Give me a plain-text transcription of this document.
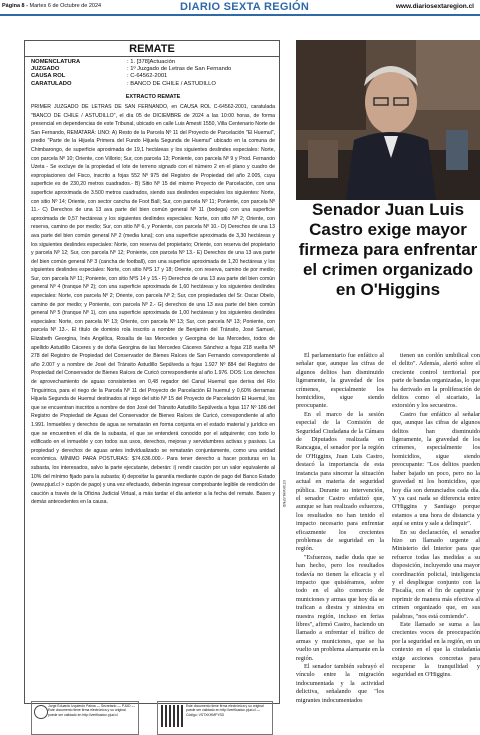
Página 8 - Martes 6 de Octubre de 2024	DIARIO SEXTA REGIÓN	www.diariosextaregion.cl
REMATE
NOMENCLATURA	: 1. [378]Actuación
JUZGADO	: 1º Juzgado de Letras de San Fernando
CAUSA ROL	: C-64562-2001
CARATULADO	: BANCO DE CHILE / ASTUDILLO
EXTRACTO REMATE
PRIMER JUZGADO DE LETRAS DE SAN FERNANDO, en CAUSA ROL C-64562-2001, caratulada "BANCO DE CHILE / ASTUDILLO", el día 05 de DICIEMBRE de 2024 a las 10:00 horas, de forma presencial en dependencias de este Tribunal, ubicado en calle Luis Amesti 1550, Villa Centenario Norte de San Fernando, REMATARÁ: UNO: A) Resto de la Parcela Nº 11 del Proyecto de Parcelación "El Huemul", predio "Parte de la Hijuela Primera del Fundo Hijuela Segunda de Huemul" ubicado en la comuna de Chimbarongo, de superficie aproximada de 19,1 hectáreas y los siguientes deslindes especiales: Norte, con parcela Nº 10; Oriente, con Villorio; Sur, con parcela 13; Poniente, con parcela Nº 9 y Prod. Fernando Uzeta - Se excluye de la propiedad el lote de terreno signado con el número 2 en el plano y cuadro de expropiaciones del Fisco, inscrito a fojas 552 Nº 975 del Registro de Propiedad del año 2.005, cuya superficie es de 230,20 metros cuadrados.- B) Sitio Nº 15 del mismo Proyecto de Parcelación, con una superficie aproximada de 3.500 metros cuadrados, siendo sus deslindes especiales los siguientes: Norte, con sitio Nº 14; Oriente, con sector cancha de Foot Ball; Sur, con parcela Nº 11; Poniente, con parcela Nº 11.- C) Derechos de una 13 ava parte del bien común general Nº 11 (bodega) con una superficie aproximada de 0,57 hectáreas y los siguientes deslindes especiales: Norte, con sitio Nº 2; Oriente, con reserva, camino de por medio; Sur, con sitio Nº 6, y Poniente, con parcela Nº 10.- D) Derechos de una 13 ava parte del bien común general Nº 2 (media luna); con una superficie aproximada de 3,30 hectáreas y los siguientes deslindes especiales: Norte, con reserva del propietario; Oriente, con reserva del propietario y parcela Nº 12; Sur, con parcela Nº 12; Poniente, con parcela Nº 13.- E) Derechos de una 13 ava parte del bien común general Nº 3 (cancha de football), con una superficie aproximada de 1,20 hectáreas y los siguientes deslindes especiales: Norte, con sitio NºS 17 y 18; Oriente, con reserva, camino de por medio; Sur, con parcela Nº 11; Poniente, con sitio NºS 14 y 15.- F) Derechos de una 13 ava parte del bien común general Nº 4 (tranque Nº 2); con una superficie aproximada de 1,60 hectáreas y los siguientes deslindes especiales: Norte, con parcela Nº 2; Oriente, con parcela Nº 2; Sur, con propiedades del Sr. Oscar Obelo, camino de por medio; y Poniente, con parcela Nº 2.- G) derechos de una 13 ava parte del bien común general Nº 5 (tranque Nº 1), con una superficie aproximada de 1,00 hectáreas y los siguientes deslindes especiales: Norte, con parcela Nº 13; Oriente, con parcela Nº 13; Sur, con parcela Nº 13; Poniente, con parcela Nº 13.-. El título de dominio rola inscrito a nombre de Benjamín del Tránsito, José Samuel, Elizabeth Georgina, Inés Angélica, Rosalía de las Mercedes y Georgina de las Mercedes, todos de apellido Astudillo Cáceres y de doña Georgina de las Mercedes Cáceres Sánchez a fojas 218 vuelta Nº 278 del Registro de Propiedad del Conservador de Bienes Raíces de San Fernando correspondiente al año 2.007 y a nombre de José del Tránsito Astudillo Sepúlveda a fojas 1.927 Nº 884 del Registro de Propiedad del Conservador de Bienes Raíces de Curicó correspondiente al año 1.976. DOS: Los derechos de aprovechamiento de aguas consistentes en 0,48 regador del Canal Huemul que deriva del Río Tinguiririca, para el riego de la Parcela Nº 11 del Proyecto de Parcelación El huemul y 0,60% derramas Hijuela Segunda de Huemul destinados al riego del sitio Nº 15 del Proyecto de Parcelación El Huemul, los que se encuentran inscritos a nombre de don José del Tránsito Astudillo Sepúlveda a fojas 117 Nº 186 del Registro de Propiedad de Aguas del Conservador de Bienes Raíces de Curicó, correspondiente al año 1.991. Inmuebles y derechos de agua se rematarán en forma conjunta en el estado material y jurídico en que se encuentren el día de la subasta, el que se entenderá conocido por el adquirente; con todo lo edificado en el inmueble y con todos sus usos, derechos, mejoras y servidumbres activas y pasivas. La propiedad y derechos de aguas antes individualizado se rematarán conjuntamente, como una unidad económica. MÍNIMO PARA POSTURAS: $74.636.000.- Para tener derecho a hacer posturas en la subasta, los interesados, salvo la parte ejecutante, deberán: i) rendir caución por un valor equivalente al 10% del mínimo fijado para la subasta; ii) depositar la garantía mediante cupón de pago del Banco Estado (www.pjud.cl > cupón de pago) y una vez efectuado, deberán ingresar comprobante legible de rendición de caución a través de la Oficina Judicial Virtual, a más tardar el día anterior a la fecha del remate. Bases y demás antecedentes en la causa.
Jorge Eduardo Izquierdo Palma — Secretario — PJUD — Este documento tiene firma electrónica y su original puede ser validado en http://verificadoc.pjud.cl
Este documento tiene firma electrónica y su original puede ser validado en http://verificadoc.pjud.cl — Código: VSTXKHMFYSD
GTXKWHLSFMD
Senador Juan Luis Castro exige mayor firmeza para enfrentar el crimen organizado en O'Higgins

El parlamentario fue enfático al señalar que, aunque las cifras de algunos delitos han disminuido ligeramente, la gravedad de los crímenes, especialmente los homicidios, sigue siendo preocupante.

En el marco de la sesión especial de la Comisión de Seguridad Ciudadana de la Cámara de Diputados realizada en Rancagua, el senador por la región de O'Higgins, Juan Luis Castro, destacó la importancia de esta instancia para sincerar la situación actual en materia de seguridad pública. Durante su intervención, el senador Castro enfatizó que, aunque se han realizado esfuerzos, los resultados no han tenido el impacto necesario para enfrentar eficazmente los crecientes problemas de seguridad en la región.

"Esfuerzos, nadie duda que se han hecho, pero los resultados todavía no tienen la eficacia y el impacto que quisiéramos, sobre todo en el alto comercio de municiones y armas que hoy día se trafican a diestra y siniestra en nuestra región, incluso en ferias libres", afirmó Castro, haciendo un llamado a enfrentar el tráfico de armas y municiones, que se ha vuelto un problema alarmante en la región.

El senador también subrayó el vínculo entre la migración indocumentada y la actividad delictiva, señalando que "los migrantes indocumentados

tienen un cordón umbilical con el delito". Además, alertó sobre el creciente control territorial por parte de bandas organizadas, lo que ha derivado en la proliferación de delitos como el sicariato, la extorsión y los secuestros.

Castro fue enfático al señalar que, aunque las cifras de algunos delitos han disminuido ligeramente, la gravedad de los crímenes, especialmente los homicidios, sigue siendo preocupante: "Los delitos pueden haber bajado un poco, pero no la gravedad ni los homicidios, que hoy día son denunciados cada día. Y ya casi nada se diferencia entre O'Higgins y Santiago porque estamos a una hora de distancia y aquí se entra y sale a delinquir".

En su declaración, el senador hizo un llamado urgente al Ministerio del Interior para que refuerce todas las medidas a su disposición, incluyendo una mayor coordinación policial, inteligencia y el despliegue conjunto con la Fiscalía, con el fin de capturar y reprimir de manera más efectiva al crimen organizado que, en sus palabras, "nos está comiendo".

Este llamado se suma a las crecientes voces de preocupación por la seguridad en la región, en un contexto en el que la ciudadanía exige acciones concretas para recuperar la tranquilidad y seguridad en O'Higgins.
